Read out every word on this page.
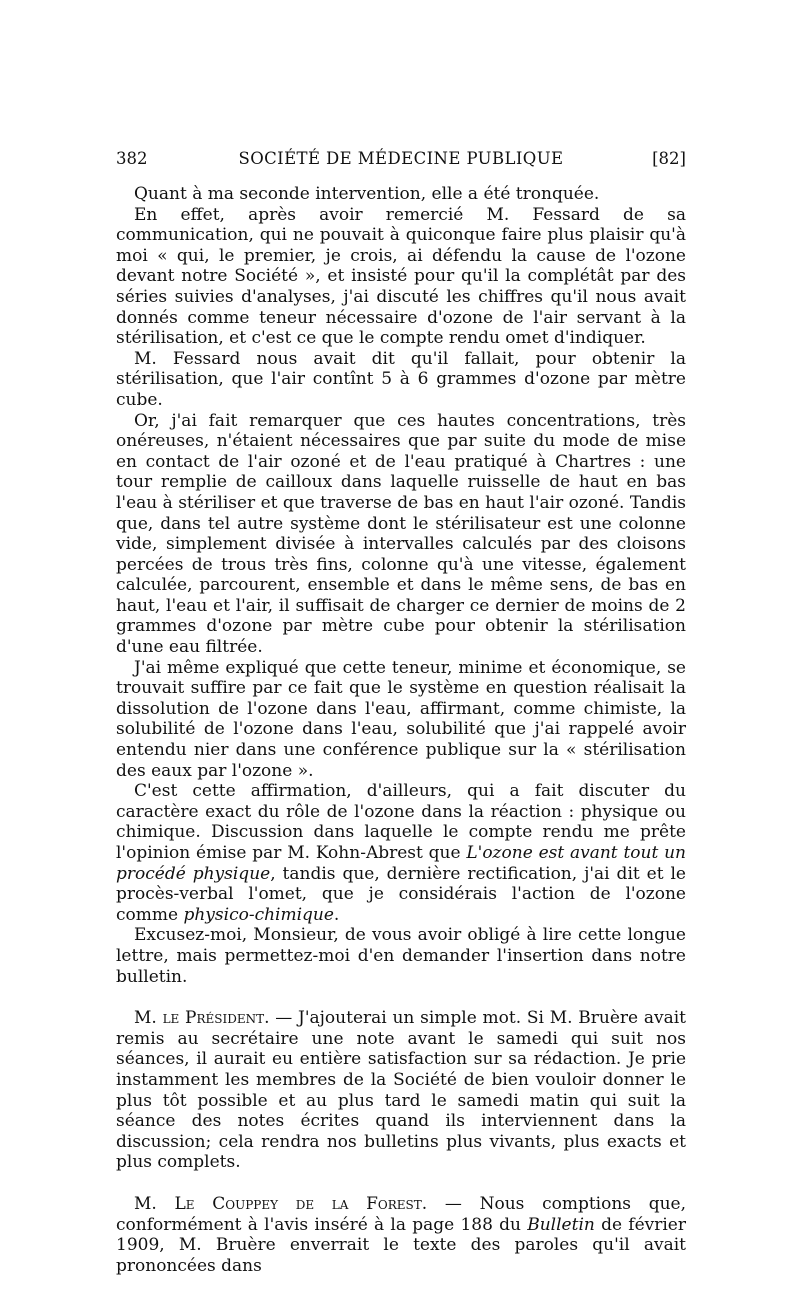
SOCIÉTÉ DE MÉDECINE PUBLIQUE
382	[82]

Quant à ma seconde intervention, elle a été tronquée.

En effet, après avoir remercié M. Fessard de sa communication, qui ne pouvait à quiconque faire plus plaisir qu'à moi « qui, le premier, je crois, ai défendu la cause de l'ozone devant notre Société », et insisté pour qu'il la complétât par des séries suivies d'analyses, j'ai discuté les chiffres qu'il nous avait donnés comme teneur nécessaire d'ozone de l'air servant à la stérilisation, et c'est ce que le compte rendu omet d'indiquer.

M. Fessard nous avait dit qu'il fallait, pour obtenir la stérilisation, que l'air contînt 5 à 6 grammes d'ozone par mètre cube.

Or, j'ai fait remarquer que ces hautes concentrations, très onéreuses, n'étaient nécessaires que par suite du mode de mise en contact de l'air ozoné et de l'eau pratiqué à Chartres : une tour remplie de cailloux dans laquelle ruisselle de haut en bas l'eau à stériliser et que traverse de bas en haut l'air ozoné. Tandis que, dans tel autre système dont le stérilisateur est une colonne vide, simplement divisée à intervalles calculés par des cloisons percées de trous très fins, colonne qu'à une vitesse, également calculée, parcourent, ensemble et dans le même sens, de bas en haut, l'eau et l'air, il suffisait de charger ce dernier de moins de 2 grammes d'ozone par mètre cube pour obtenir la stérilisation d'une eau filtrée.

J'ai même expliqué que cette teneur, minime et économique, se trouvait suffire par ce fait que le système en question réalisait la dissolution de l'ozone dans l'eau, affirmant, comme chimiste, la solubilité de l'ozone dans l'eau, solubilité que j'ai rappelé avoir entendu nier dans une conférence publique sur la « stérilisation des eaux par l'ozone ».

C'est cette affirmation, d'ailleurs, qui a fait discuter du caractère exact du rôle de l'ozone dans la réaction : physique ou chimique. Discussion dans laquelle le compte rendu me prête l'opinion émise par M. Kohn-Abrest que L'ozone est avant tout un procédé physique, tandis que, dernière rectification, j'ai dit et le procès-verbal l'omet, que je considérais l'action de l'ozone comme physico-chimique.

Excusez-moi, Monsieur, de vous avoir obligé à lire cette longue lettre, mais permettez-moi d'en demander l'insertion dans notre bulletin.

M. le Président. — J'ajouterai un simple mot. Si M. Bruère avait remis au secrétaire une note avant le samedi qui suit nos séances, il aurait eu entière satisfaction sur sa rédaction. Je prie instamment les membres de la Société de bien vouloir donner le plus tôt possible et au plus tard le samedi matin qui suit la séance des notes écrites quand ils interviennent dans la discussion; cela rendra nos bulletins plus vivants, plus exacts et plus complets.

M. Le Couppey de la Forest. — Nous comptions que, conformément à l'avis inséré à la page 188 du Bulletin de février 1909, M. Bruère enverrait le texte des paroles qu'il avait prononcées dans
